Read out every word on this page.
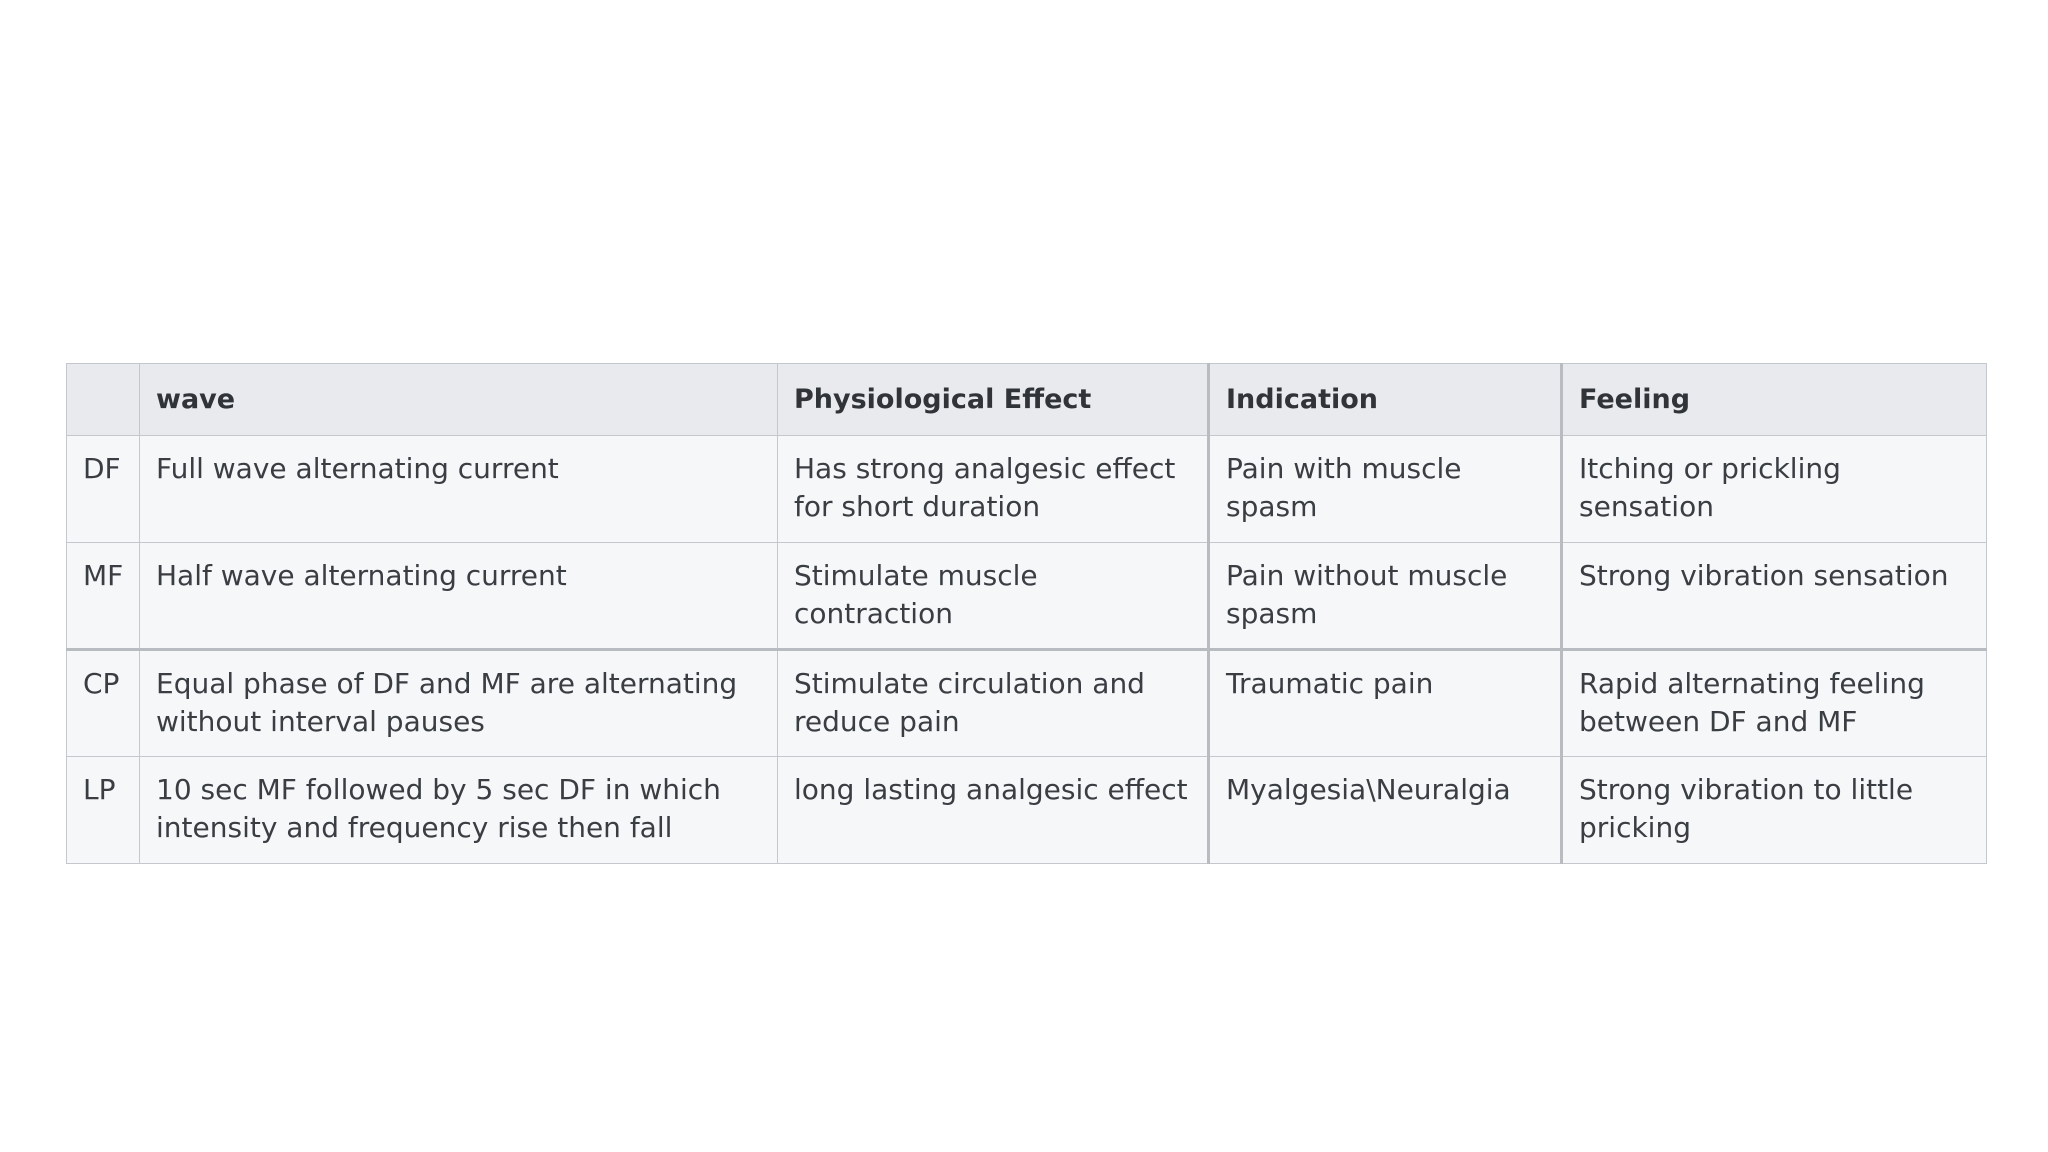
	wave	Physiological Effect	Indication	Feeling
DF	Full wave alternating current	Has strong analgesic effect for short duration	Pain with muscle spasm	Itching or prickling sensation
MF	Half wave alternating current	Stimulate muscle contraction	Pain without muscle spasm	Strong vibration sensation
CP	Equal phase of DF and MF are alternating without interval pauses	Stimulate circulation and reduce pain	Traumatic pain	Rapid alternating feeling between DF and MF
LP	10 sec MF followed by 5 sec DF in which intensity and frequency rise then fall	long lasting analgesic effect	Myalgesia\Neuralgia	Strong vibration to little pricking
